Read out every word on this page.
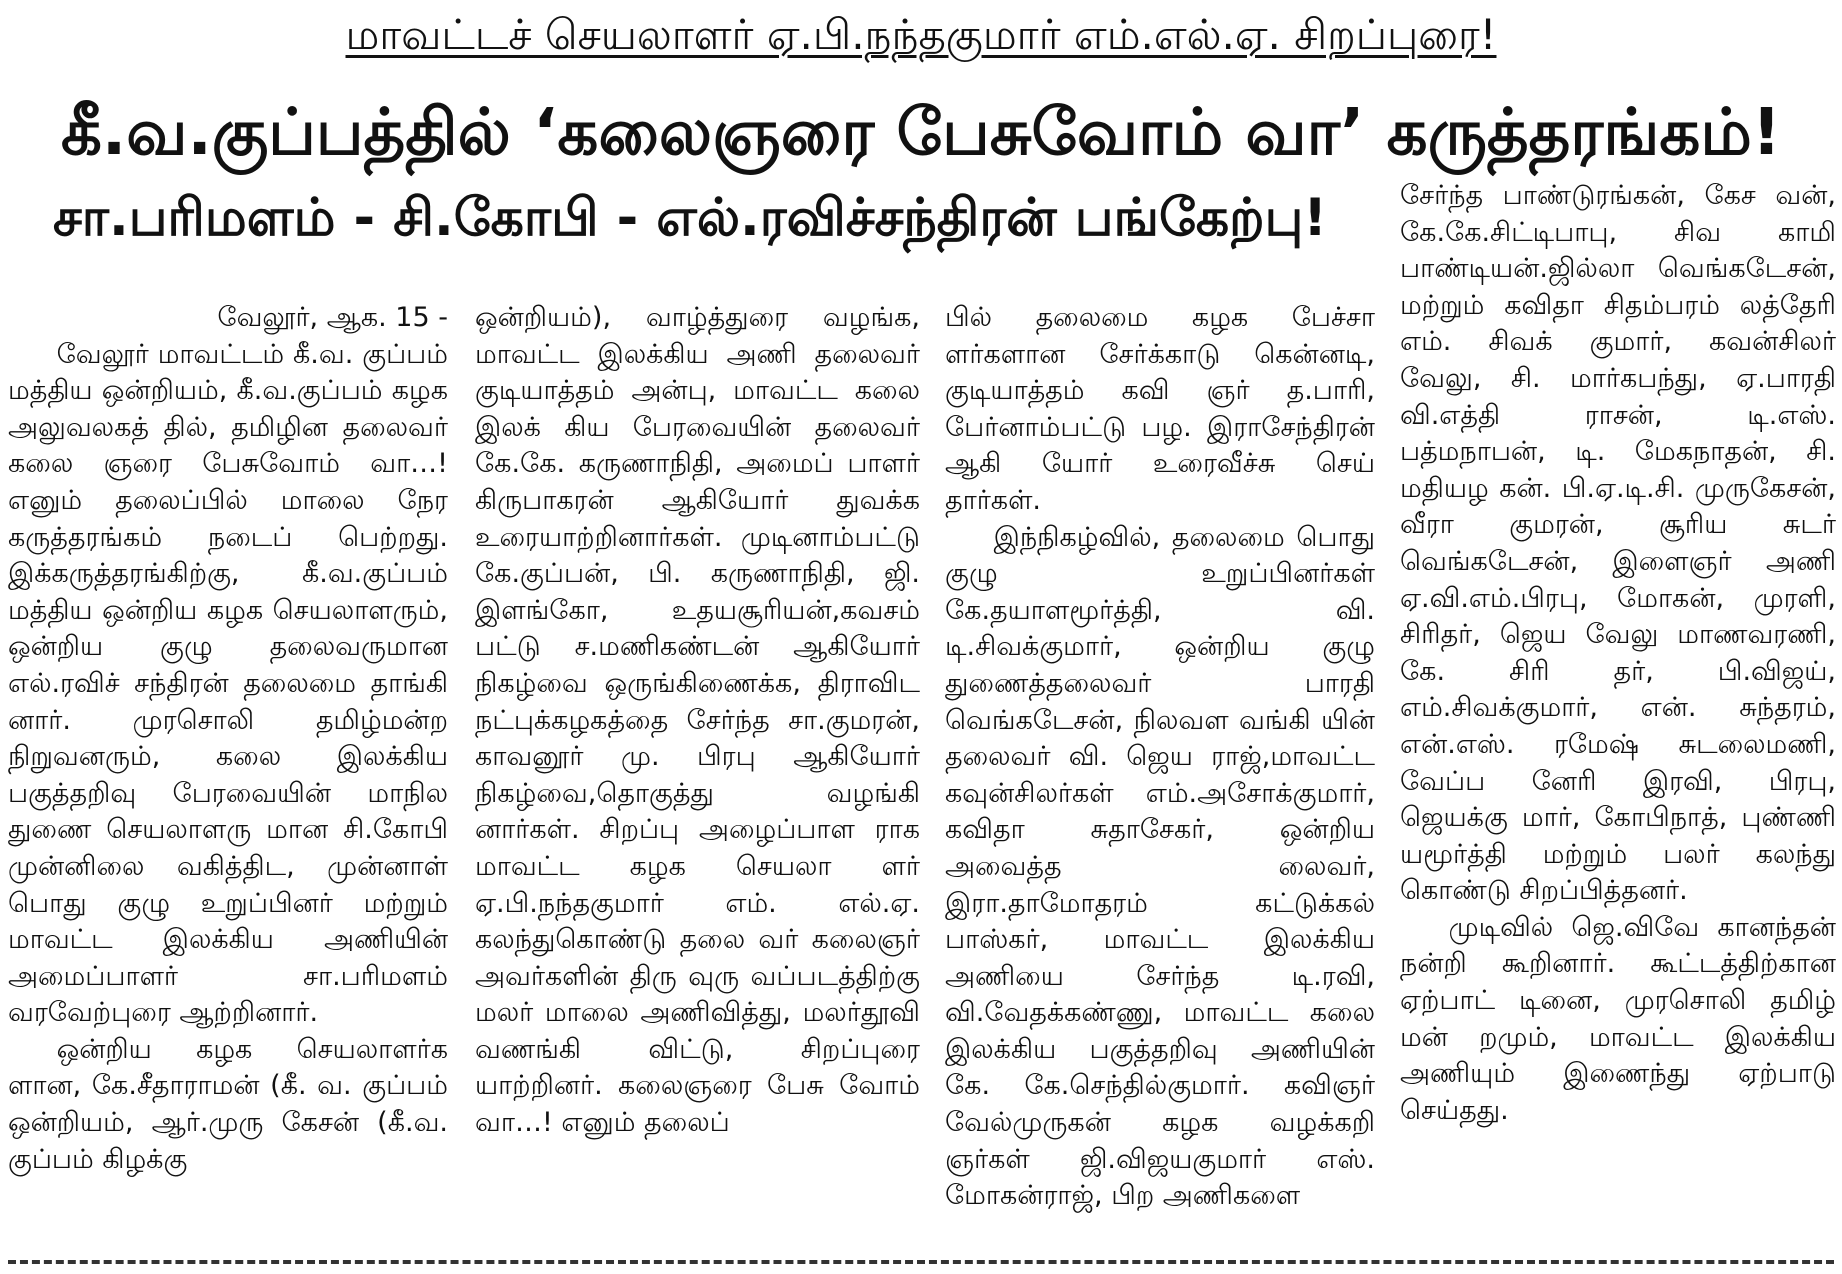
மாவட்டச் செயலாளர் ஏ.பி.நந்தகுமார் எம்.எல்.ஏ. சிறப்புரை!
கீ.வ.குப்பத்தில் ‘கலைஞரை பேசுவோம் வா’ கருத்தரங்கம்!
சா.பரிமளம் - சி.கோபி - எல்.ரவிச்சந்திரன் பங்கேற்பு!

வேலூர், ஆக. 15 -

வேலூர் மாவட்டம் கீ.வ. குப்பம் மத்திய ஒன்றியம், கீ.வ.குப்பம் கழக அலுவலகத் தில், தமிழின தலைவர் கலை ஞரை பேசுவோம் வா…! எனும் தலைப்பில் மாலை நேர கருத்தரங்கம் நடைப் பெற்றது. இக்கருத்தரங்கிற்கு, கீ.வ.குப்பம் மத்திய ஒன்றிய கழக செயலாளரும், ஒன்றிய குழு தலைவருமான எல்.ரவிச் சந்திரன் தலைமை தாங்கி னார். முரசொலி தமிழ்மன்ற நிறுவனரும், கலை இலக்கிய பகுத்தறிவு பேரவையின் மாநில துணை செயலாளரு மான சி.கோபி முன்னிலை வகித்திட, முன்னாள் பொது குழு உறுப்பினர் மற்றும் மாவட்ட இலக்கிய அணியின் அமைப்பாளர் சா.பரிமளம் வரவேற்புரை ஆற்றினார்.

ஒன்றிய கழக செயலாளர்க ளான, கே.சீதாராமன் (கீ. வ. குப்பம் ஒன்றியம், ஆர்.முரு கேசன் (கீ.வ. குப்பம் கிழக்கு

ஒன்றியம்), வாழ்த்துரை வழங்க, மாவட்ட இலக்கிய அணி தலைவர் குடியாத்தம் அன்பு, மாவட்ட கலை இலக் கிய பேரவையின் தலைவர் கே.கே. கருணாநிதி, அமைப் பாளர் கிருபாகரன் ஆகியோர் துவக்க உரையாற்றினார்கள். முடினாம்பட்டு கே.குப்பன், பி. கருணாநிதி, ஜி. இளங்கோ, உதயசூரியன்,கவசம் பட்டு ச.மணிகண்டன் ஆகியோர் நிகழ்வை ஒருங்கிணைக்க, திராவிட நட்புக்கழகத்தை சேர்ந்த சா.குமரன், காவனூர் மு. பிரபு ஆகியோர் நிகழ்வை,தொகுத்து வழங்கி னார்கள். சிறப்பு அழைப்பாள ராக மாவட்ட கழக செயலா ளர் ஏ.பி.நந்தகுமார் எம். எல்.ஏ. கலந்துகொண்டு தலை வர் கலைஞர் அவர்களின் திரு வுரு வப்படத்திற்கு மலர் மாலை அணிவித்து, மலர்தூவி வணங்கி விட்டு, சிறப்புரை யாற்றினர். கலைஞரை பேசு வோம் வா…! எனும் தலைப்

பில் தலைமை கழக பேச்சா ளர்களான சேர்க்காடு கென்னடி, குடியாத்தம் கவி ஞர் த.பாரி, பேர்னாம்பட்டு பழ. இராசேந்திரன் ஆகி யோர் உரைவீச்சு செய் தார்கள்.

இந்நிகழ்வில், தலைமை பொது குழு உறுப்பினர்கள் கே.தயாளமூர்த்தி, வி. டி.சிவக்குமார், ஒன்றிய குழு துணைத்தலைவர் பாரதி வெங்கடேசன், நிலவள வங்கி யின் தலைவர் வி. ஜெய ராஜ்,மாவட்ட கவுன்சிலர்கள் எம்.அசோக்குமார், கவிதா சுதாசேகர், ஒன்றிய அவைத்த லைவர், இரா.தாமோதரம் கட்டுக்கல் பாஸ்கர், மாவட்ட இலக்கிய அணியை சேர்ந்த டி.ரவி, வி.வேதக்கண்ணு, மாவட்ட கலை இலக்கிய பகுத்தறிவு அணியின் கே. கே.செந்தில்குமார். கவிஞர் வேல்முருகன் கழக வழக்கறி ஞர்கள் ஜி.விஜயகுமார் எஸ். மோகன்ராஜ், பிற அணிகளை

சேர்ந்த பாண்டுரங்கன், கேச வன், கே.கே.சிட்டிபாபு, சிவ காமி பாண்டியன்.ஜில்லா வெங்கடேசன், மற்றும் கவிதா சிதம்பரம் லத்தேரி எம். சிவக் குமார், கவன்சிலர் வேலு, சி. மார்கபந்து, ஏ.பாரதி வி.எத்தி ராசன், டி.எஸ். பத்மநாபன், டி. மேகநாதன், சி. மதியழ கன். பி.ஏ.டி.சி. முருகேசன், வீரா குமரன், சூரிய சுடர் வெங்கடேசன், இளைஞர் அணி ஏ.வி.எம்.பிரபு, மோகன், முரளி, சிரிதர், ஜெய வேலு மாணவரணி, கே. சிரி தர், பி.விஜய், எம்.சிவக்குமார், என். சுந்தரம், என்.எஸ். ரமேஷ் சுடலைமணி, வேப்ப னேரி இரவி, பிரபு, ஜெயக்கு மார், கோபிநாத், புண்ணி யமூர்த்தி மற்றும் பலர் கலந்து கொண்டு சிறப்பித்தனர்.

முடிவில் ஜெ.விவே கானந்தன் நன்றி கூறினார். கூட்டத்திற்கான ஏற்பாட் டினை, முரசொலி தமிழ் மன் றமும், மாவட்ட இலக்கிய அணியும் இணைந்து ஏற்பாடு செய்தது.
